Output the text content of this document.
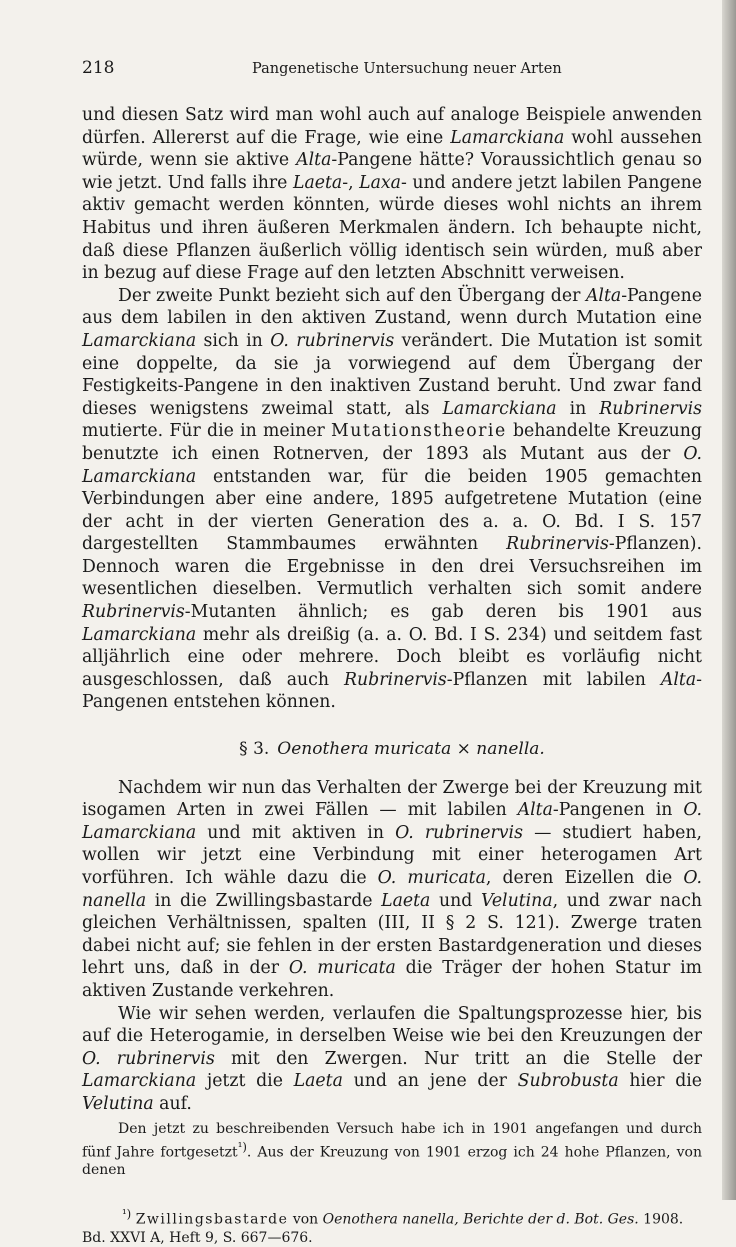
218	Pangenetische Untersuchung neuer Arten

und diesen Satz wird man wohl auch auf analoge Beispiele anwenden dürfen. Allererst auf die Frage, wie eine Lamarckiana wohl aussehen würde, wenn sie aktive Alta-Pangene hätte? Voraussichtlich genau so wie jetzt. Und falls ihre Laeta-, Laxa- und andere jetzt labilen Pangene aktiv gemacht werden könnten, würde dieses wohl nichts an ihrem Habitus und ihren äußeren Merkmalen ändern. Ich behaupte nicht, daß diese Pflanzen äußerlich völlig identisch sein würden, muß aber in bezug auf diese Frage auf den letzten Abschnitt verweisen.

Der zweite Punkt bezieht sich auf den Übergang der Alta-Pangene aus dem labilen in den aktiven Zustand, wenn durch Mutation eine Lamarckiana sich in O. rubrinervis verändert. Die Mutation ist somit eine doppelte, da sie ja vorwiegend auf dem Übergang der Festigkeits-Pangene in den inaktiven Zustand beruht. Und zwar fand dieses wenigstens zweimal statt, als Lamarckiana in Rubrinervis mutierte. Für die in meiner Mutationstheorie behandelte Kreuzung benutzte ich einen Rotnerven, der 1893 als Mutant aus der O. Lamarckiana entstanden war, für die beiden 1905 gemachten Verbindungen aber eine andere, 1895 aufgetretene Mutation (eine der acht in der vierten Generation des a. a. O. Bd. I S. 157 dargestellten Stammbaumes erwähnten Rubrinervis-Pflanzen). Dennoch waren die Ergebnisse in den drei Versuchsreihen im wesentlichen dieselben. Vermutlich verhalten sich somit andere Rubrinervis-Mutanten ähnlich; es gab deren bis 1901 aus Lamarckiana mehr als dreißig (a. a. O. Bd. I S. 234) und seitdem fast alljährlich eine oder mehrere. Doch bleibt es vorläufig nicht ausgeschlossen, daß auch Rubrinervis-Pflanzen mit labilen Alta-Pangenen entstehen können.

§ 3. Oenothera muricata × nanella.

Nachdem wir nun das Verhalten der Zwerge bei der Kreuzung mit isogamen Arten in zwei Fällen — mit labilen Alta-Pangenen in O. Lamarckiana und mit aktiven in O. rubrinervis — studiert haben, wollen wir jetzt eine Verbindung mit einer heterogamen Art vorführen. Ich wähle dazu die O. muricata, deren Eizellen die O. nanella in die Zwillingsbastarde Laeta und Velutina, und zwar nach gleichen Verhältnissen, spalten (III, II § 2 S. 121). Zwerge traten dabei nicht auf; sie fehlen in der ersten Bastardgeneration und dieses lehrt uns, daß in der O. muricata die Träger der hohen Statur im aktiven Zustande verkehren.

Wie wir sehen werden, verlaufen die Spaltungsprozesse hier, bis auf die Heterogamie, in derselben Weise wie bei den Kreuzungen der O. rubrinervis mit den Zwergen. Nur tritt an die Stelle der Lamarckiana jetzt die Laeta und an jene der Subrobusta hier die Velutina auf.

Den jetzt zu beschreibenden Versuch habe ich in 1901 angefangen und durch fünf Jahre fortgesetzt$^{^1)}$. Aus der Kreuzung von 1901 erzog ich 24 hohe Pflanzen, von denen

$^{^1)}$ Zwillingsbastarde von Oenothera nanella, Berichte der d. Bot. Ges. 1908. Bd. XXVI A, Heft 9, S. 667—676.
